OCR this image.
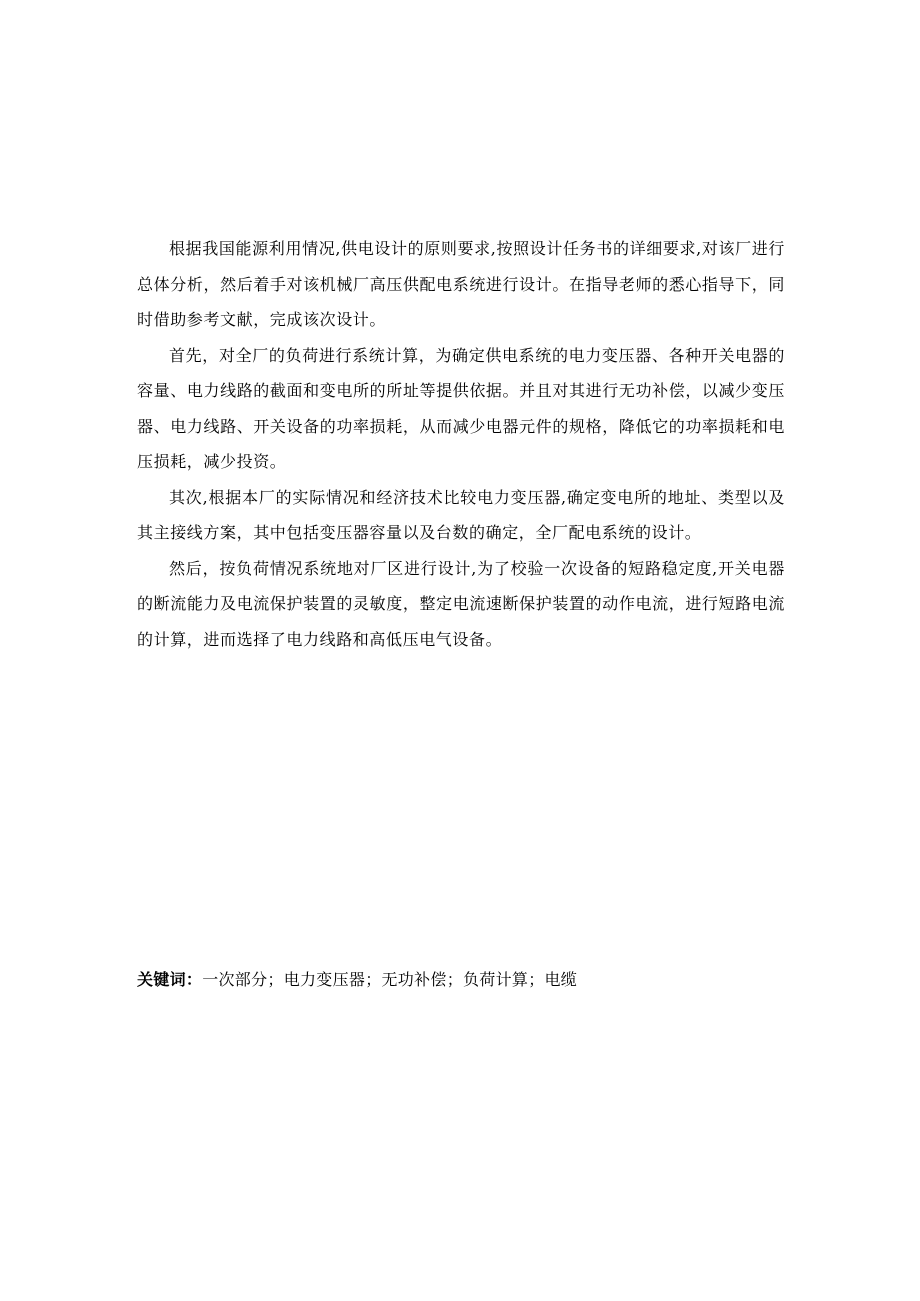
根据我国能源利用情况,供电设计的原则要求,按照设计任务书的详细要求,对该厂进行总体分析，然后着手对该机械厂高压供配电系统进行设计。在指导老师的悉心指导下，同时借助参考文献，完成该次设计。

首先，对全厂的负荷进行系统计算，为确定供电系统的电力变压器、各种开关电器的容量、电力线路的截面和变电所的所址等提供依据。并且对其进行无功补偿，以减少变压器、电力线路、开关设备的功率损耗，从而减少电器元件的规格，降低它的功率损耗和电压损耗，减少投资。

其次,根据本厂的实际情况和经济技术比较电力变压器,确定变电所的地址、类型以及其主接线方案，其中包括变压器容量以及台数的确定，全厂配电系统的设计。

然后，按负荷情况系统地对厂区进行设计,为了校验一次设备的短路稳定度,开关电器的断流能力及电流保护装置的灵敏度，整定电流速断保护装置的动作电流，进行短路电流的计算，进而选择了电力线路和高低压电气设备。

关键词：一次部分；电力变压器；无功补偿；负荷计算；电缆
